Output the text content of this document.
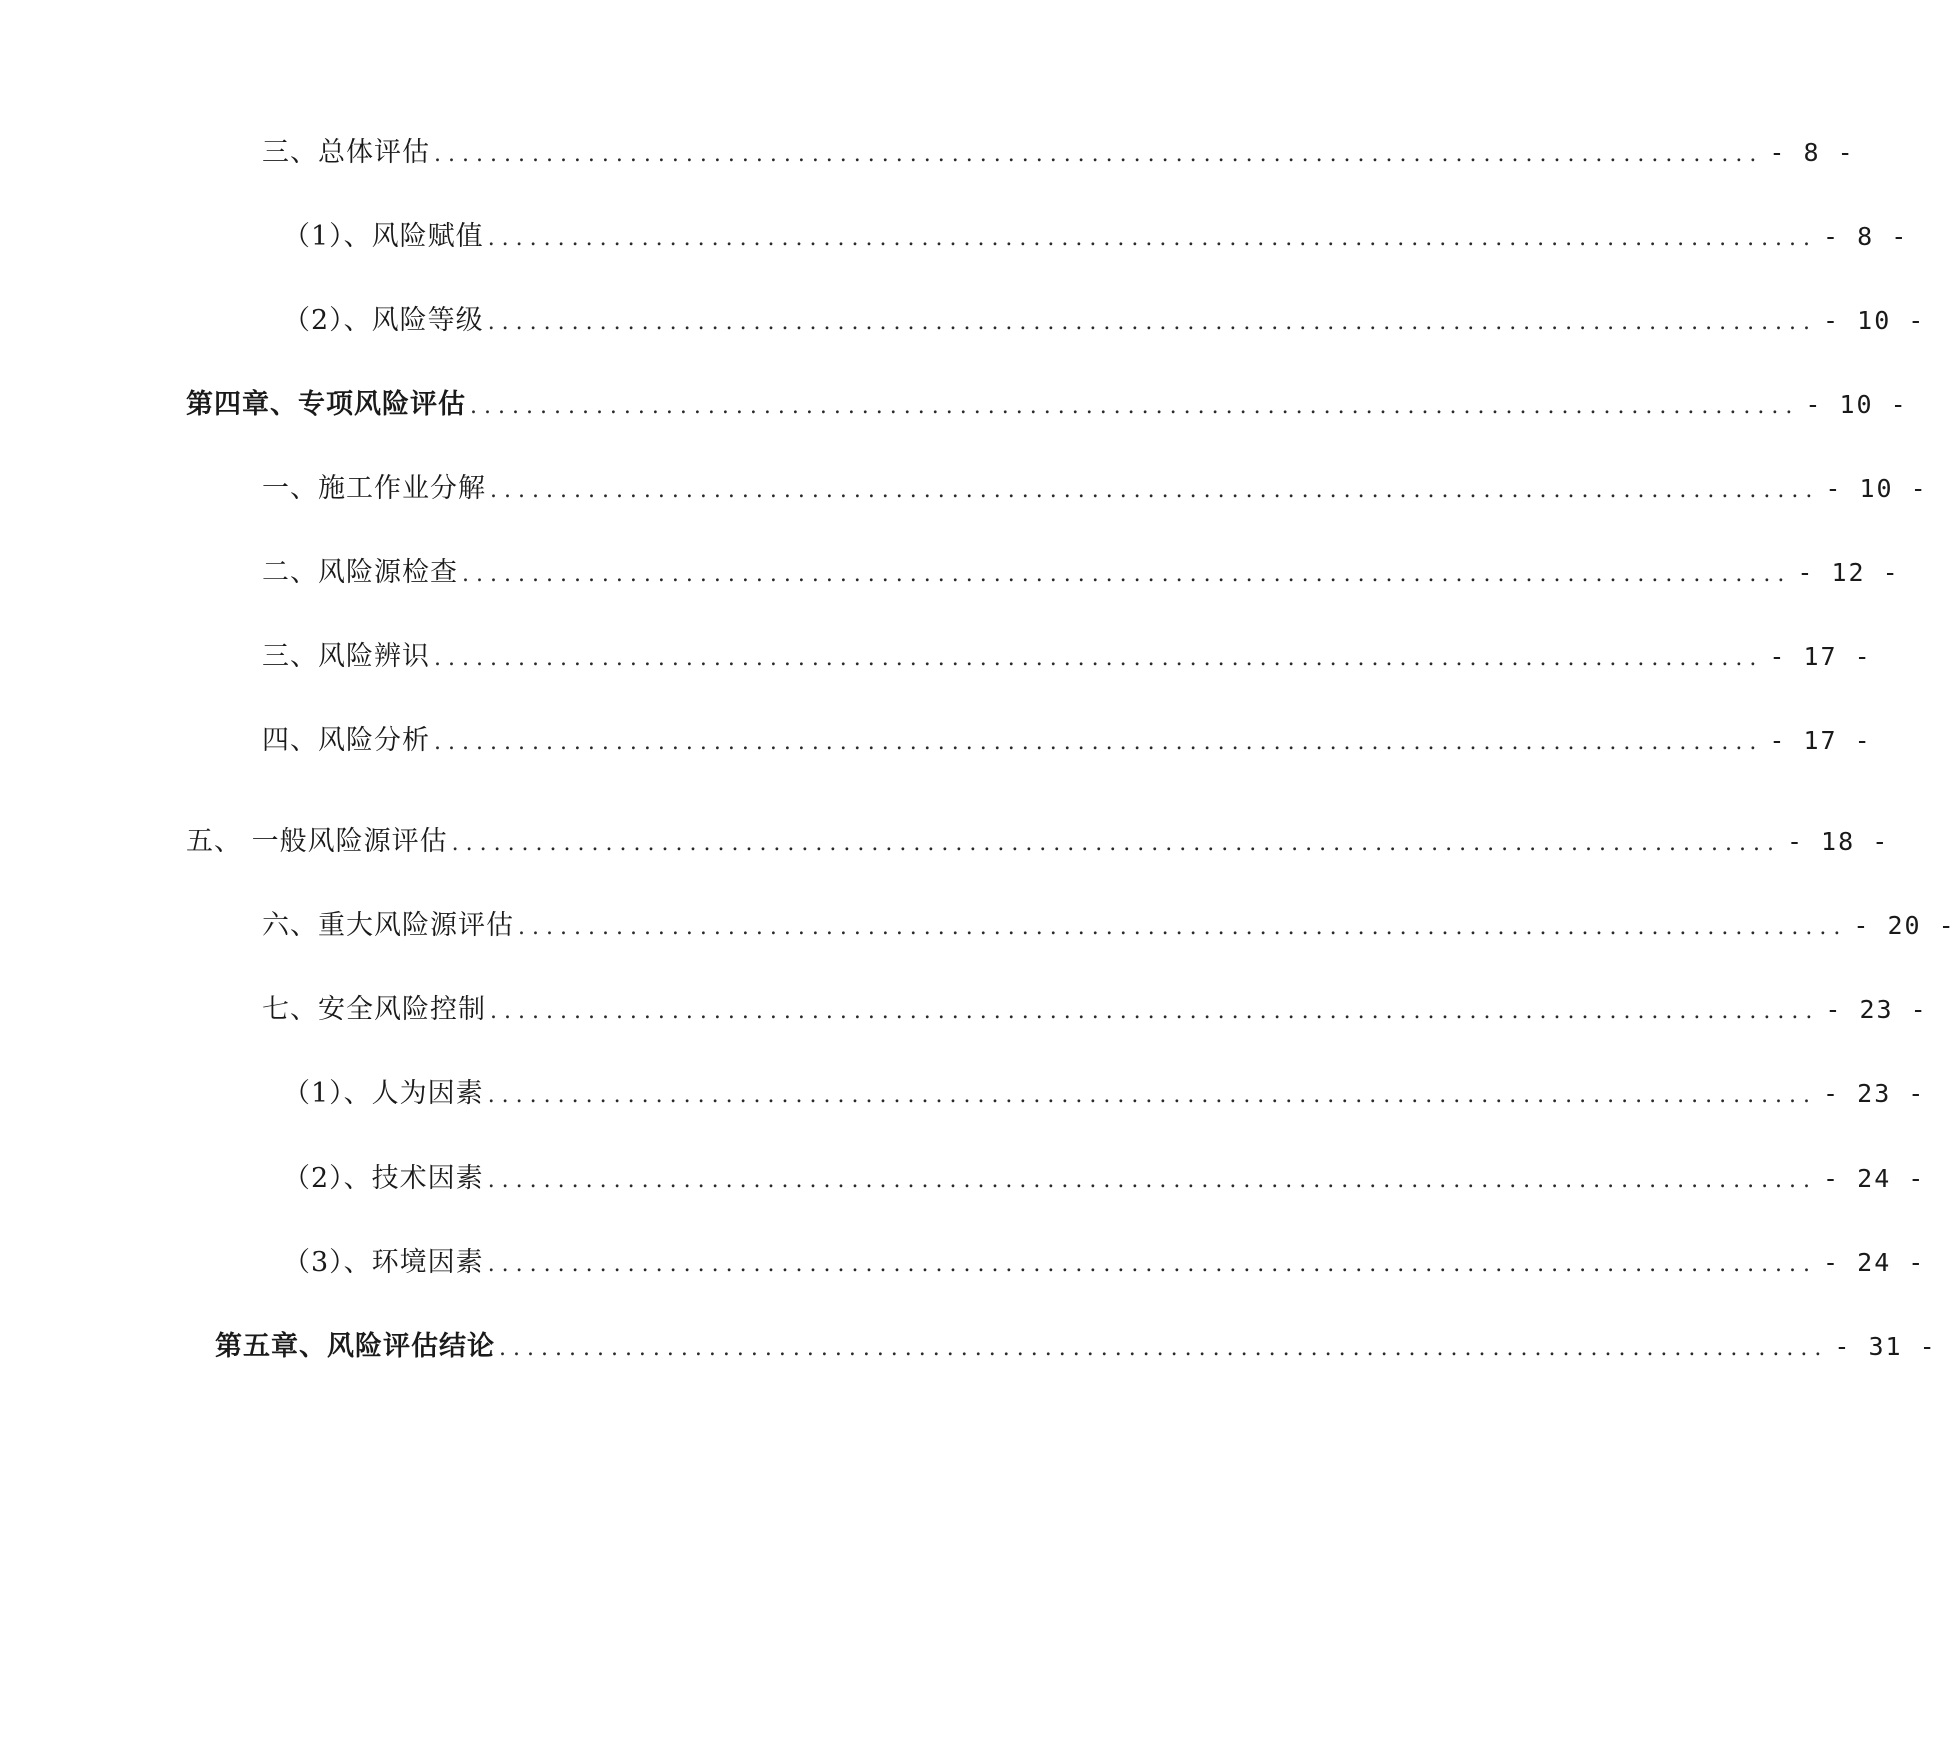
三、总体评估 ............................................................................................... - 8 -
（1）、风险赋值 ............................................................................................... - 8 -
（2）、风险等级 ............................................................................................... - 10 -
第四章、专项风险评估 ............................................................................................... - 10 -
一、施工作业分解 ............................................................................................... - 10 -
二、风险源检查 ............................................................................................... - 12 -
三、风险辨识 ............................................................................................... - 17 -
四、风险分析 ............................................................................................... - 17 -
五、 一般风险源评估 ............................................................................................... - 18 -
六、重大风险源评估 ............................................................................................... - 20 -
七、安全风险控制 ............................................................................................... - 23 -
（1）、人为因素 ............................................................................................... - 23 -
（2）、技术因素 ............................................................................................... - 24 -
（3）、环境因素 ............................................................................................... - 24 -
第五章、风险评估结论 ............................................................................................... - 31 -
